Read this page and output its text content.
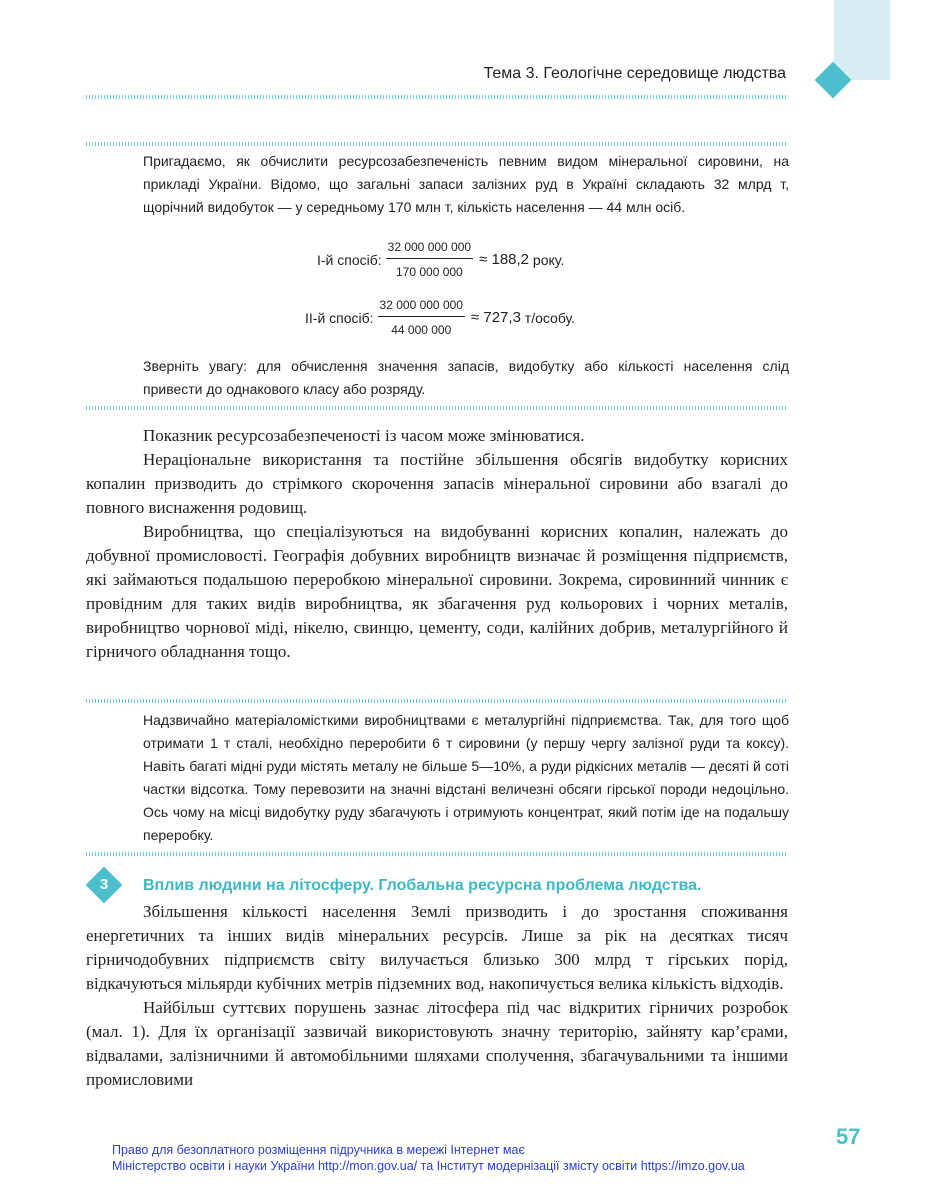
Тема 3. Геологічне середовище людства

Пригадаємо, як обчислити ресурсозабезпеченість певним видом мінеральної сировини, на прикладі України. Відомо, що загальні запаси залізних руд в Україні складають 32 млрд т, щорічний видобуток — у середньому 170 млн т, кількість населення — 44 млн осіб.

І-й спосіб: $\frac{32 000 000 000}{170 000 000} \approx 188,2$
року.
ІІ-й спосіб: $\frac{32 000 000 000}{44 000 000} \approx 727,3$
т/особу.

Зверніть увагу: для обчислення значення запасів, видобутку або кількості населення слід привести до однакового класу або розряду.

Показник ресурсозабезпеченості із часом може змінюватися.

Нераціональне використання та постійне збільшення обсягів видобутку корисних копалин призводить до стрімкого скорочення запасів мінеральної сировини або взагалі до повного виснаження родовищ.

Виробництва, що спеціалізуються на видобуванні корисних копалин, належать до добувної промисловості. Географія добувних виробництв визначає й розміщення підприємств, які займаються подальшою переробкою мінеральної сировини. Зокрема, сировинний чинник є провідним для таких видів виробництва, як збагачення руд кольорових і чорних металів, виробництво чорнової міді, нікелю, свинцю, цементу, соди, калійних добрив, металургійного й гірничого обладнання тощо.

Надзвичайно матеріаломісткими виробництвами є металургійні підприємства. Так, для того щоб отримати 1 т сталі, необхідно переробити 6 т сировини (у першу чергу залізної руди та коксу). Навіть багаті мідні руди містять металу не більше 5—10%, а руди рідкісних металів — десяті й соті частки відсотка. Тому перевозити на значні відстані величезні обсяги гірської породи недоцільно. Ось чому на місці видобутку руду збагачують і отримують концентрат, який потім іде на подальшу переробку.

3	Вплив людини на літосферу. Глобальна ресурсна проблема людства.

Збільшення кількості населення Землі призводить і до зростання споживання енергетичних та інших видів мінеральних ресурсів. Лише за рік на десятках тисяч гірничодобувних підприємств світу вилучається близько 300 млрд т гірських порід, відкачуються мільярди кубічних метрів підземних вод, накопичується велика кількість відходів.

Найбільш суттєвих порушень зазнає літосфера під час відкритих гірничих розробок (мал. 1). Для їх організації зазвичай використовують значну територію, зайняту кар’єрами, відвалами, залізничними й автомобільними шляхами сполучення, збагачувальними та іншими промисловими

57
Право для безоплатного розміщення підручника в мережі Інтернет має
Міністерство освіти і науки України http://mon.gov.ua/ та Інститут модернізації змісту освіти https://imzo.gov.ua
